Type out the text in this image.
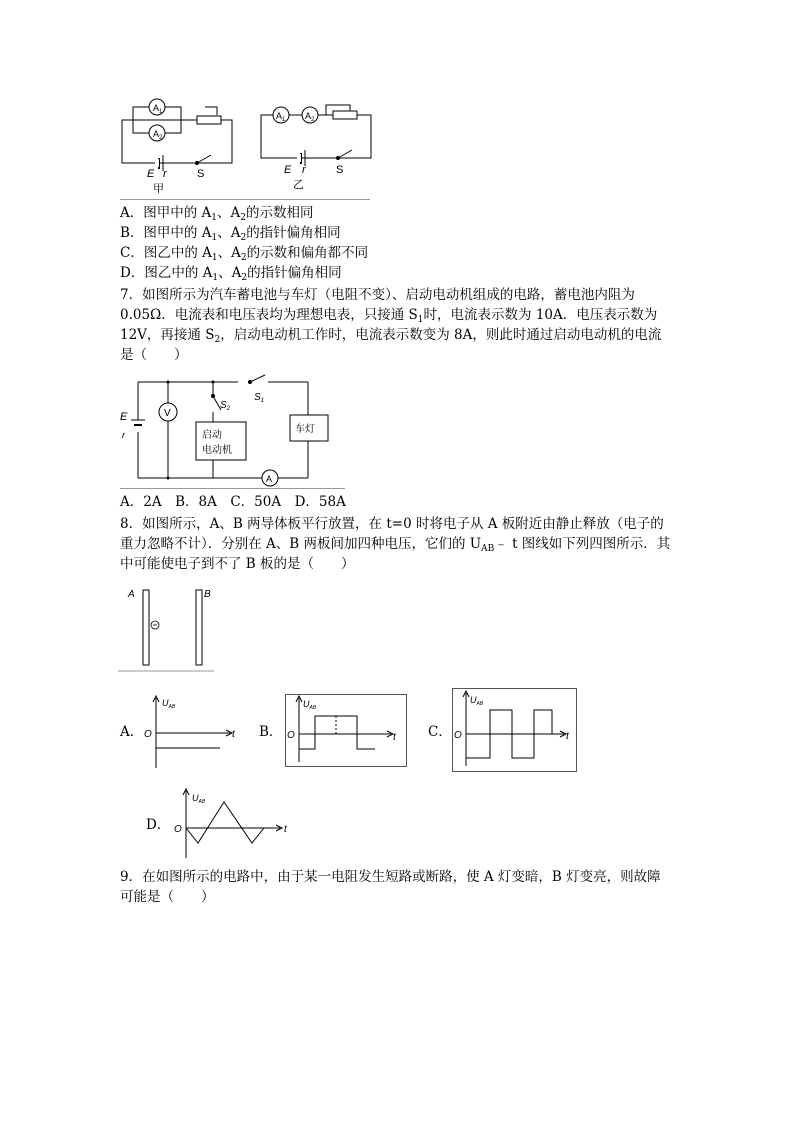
$A_1$
$A_2$
E r	S
甲
$A_1$ $A_2$
E r	S
乙
A．图甲中的 $A_1$、$A_2$的示数相同
B．图甲中的 $A_1$、$A_2$的指针偏角相同
C．图乙中的 $A_1$、$A_2$的示数和偏角都不同
D．图乙中的 $A_1$、$A_2$的指针偏角相同
7．如图所示为汽车蓄电池与车灯（电阻不变）、启动电动机组成的电路，蓄电池内阻为
0.05Ω．电流表和电压表均为理想电表，只接通 $S_1$时，电流表示数为 10A．电压表示数为
12V，再接通 $S_2$，启动电动机工作时，电流表示数变为 8A，则此时通过启动电动机的电流
是（　　）
E
r
V
A
$S_2$
$S_1$
启动
电动机
车灯
A．2A　B．8A　C．50A　D．58A
8．如图所示，A、B 两导体板平行放置，在 t=0 时将电子从 A 板附近由静止释放（电子的
重力忽略不计）．分别在 A、B 两板间加四种电压，它们的 $U_{AB}﹣$ t 图线如下列四图所示．其
中可能使电子到不了 B 板的是（　　）
A	B
A．
$U_{AB}$
t
O	B．
$U_{AB}$
t
O	C．
$U_{AB}$
t
O
D．
$U_{AB}$
t
O
9．在如图所示的电路中，由于某一电阻发生短路或断路，使 A 灯变暗，B 灯变亮，则故障
可能是（　　）
